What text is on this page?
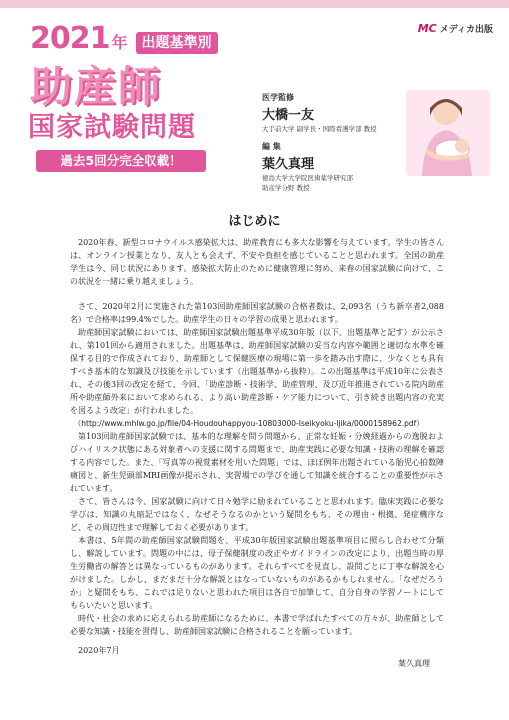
2021 年	出題基準別
助産師
国家試験問題
過去5回分完全収載！
MC メディカ出版
医学監修
大橋一友
大手前大学 副学長・国際看護学部 教授
編 集
葉久真理
徳島大学大学院医歯薬学研究部
助産学分野 教授
はじめに

2020年春、新型コロナウイルス感染拡大は、助産教育にも多大な影響を与えています。学生の皆さんは、オンライン授業となり、友人とも会えず、不安や負担を感じていることと思われます。全国の助産学生は今、同じ状況にあります。感染拡大防止のために健康管理に努め、来春の国家試験に向けて、この状況を一緒に乗り越えましょう。

さて、2020年2月に実施された第103回助産師国家試験の合格者数は、2,093名（うち新卒者2,088名）で合格率は99.4%でした。助産学生の日々の学習の成果と思われます。

助産師国家試験においては、助産師国家試験出題基準平成30年版（以下、出題基準と記す）が公示され、第101回から適用されました。出題基準は、助産師国家試験の妥当な内容や範囲と適切な水準を確保する目的で作成されており、助産師として保健医療の現場に第一歩を踏み出す際に、少なくとも具有すべき基本的な知識及び技能を示しています（出題基準から抜粋）。この出題基準は平成10年に公表され、その後3回の改定を経て、今回、「助産診断・技術学、助産管理、及び近年推進されている院内助産所や助産師外来において求められる、より高い助産診断・ケア能力について、引き続き出題内容の充実を図るよう改定」が行われました。

（http://www.mhlw.go.jp/file/04-Houdouhappyou-10803000-Iseikyoku-Ijika/0000158962.pdf）

第103回助産師国家試験では、基本的な理解を問う問題から、正常な妊娠・分娩経過からの逸脱およびハイリスク状態にある対象者への支援に関する問題まで、助産実践に必要な知識・技術の理解を確認する内容でした。また、「写真等の視覚素材を用いた問題」では、ほぼ例年出題されている胎児心拍数陣痛図と、新生児頭部MRI画像が提示され、実習場での学びを通して知識を統合することの重要性が示されています。

さて、皆さんは今、国家試験に向けて日々勉学に励まれていることと思われます。臨床実践に必要な学びは、知識の丸暗記ではなく、なぜそうなるのかという疑問をもち、その理由・根拠、発症機序など、その周辺性まで理解しておく必要があります。

本書は、5年間の助産師国家試験問題を、平成30年版国家試験出題基準項目に照らし合わせて分類し、解説しています。問題の中には、母子保健制度の改正やガイドラインの改定により、出題当時の厚生労働省の解答とは異なっているものがあります。それらすべてを見直し、設問ごとに丁寧な解説を心がけました。しかし、まだまだ十分な解説とはなっていないものがあるかもしれません。「なぜだろうか」と疑問をもち、これでは足りないと思われた項目は各自で加筆して、自分自身の学習ノートにしてもらいたいと思います。

時代・社会の求めに応えられる助産師になるために、本書で学ばれたすべての方々が、助産師として必要な知識・技能を習得し、助産師国家試験に合格されることを願っています。

2020年7月

葉久真理
